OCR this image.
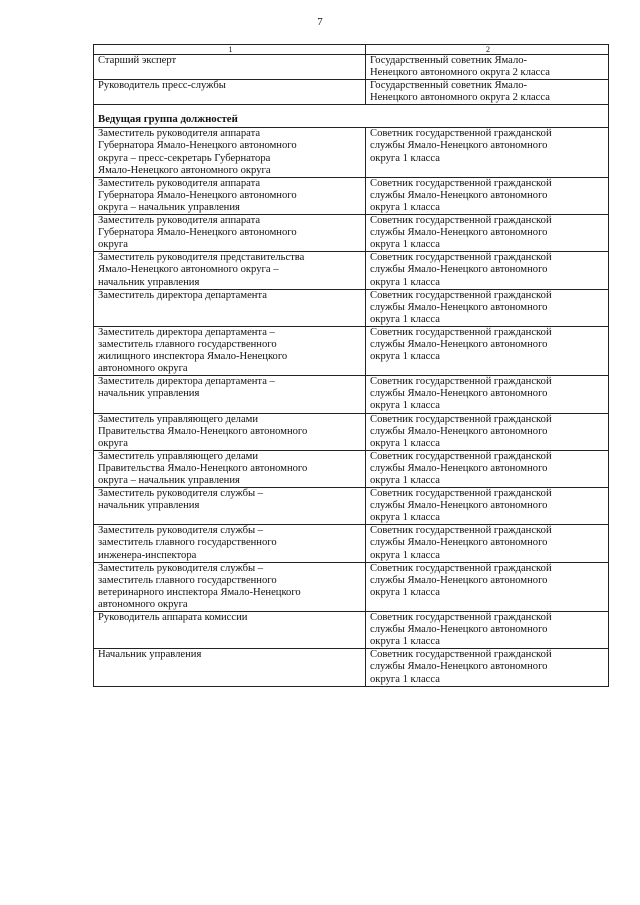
7
1	2

Старший эксперт	Государственный советник Ямало-
Ненецкого автономного округа 2 класса

Руководитель пресс-службы	Государственный советник Ямало-
Ненецкого автономного округа 2 класса

Ведущая группа должностей	

Заместитель руководителя аппарата
Губернатора Ямало-Ненецкого автономного
округа – пресс-секретарь Губернатора
Ямало-Ненецкого автономного округа	Советник государственной гражданской
службы Ямало-Ненецкого автономного
округа 1 класса

Заместитель руководителя аппарата
Губернатора Ямало-Ненецкого автономного
округа – начальник управления	Советник государственной гражданской
службы Ямало-Ненецкого автономного
округа 1 класса

Заместитель руководителя аппарата
Губернатора Ямало-Ненецкого автономного
округа	Советник государственной гражданской
службы Ямало-Ненецкого автономного
округа 1 класса

Заместитель руководителя представительства
Ямало-Ненецкого автономного округа –
начальник управления	Советник государственной гражданской
службы Ямало-Ненецкого автономного
округа 1 класса

Заместитель директора департамента	Советник государственной гражданской
службы Ямало-Ненецкого автономного
округа 1 класса

Заместитель директора департамента –
заместитель главного государственного
жилищного инспектора Ямало-Ненецкого
автономного округа	Советник государственной гражданской
службы Ямало-Ненецкого автономного
округа 1 класса

Заместитель директора департамента –
начальник управления	Советник государственной гражданской
службы Ямало-Ненецкого автономного
округа 1 класса

Заместитель управляющего делами
Правительства Ямало-Ненецкого автономного
округа	Советник государственной гражданской
службы Ямало-Ненецкого автономного
округа 1 класса

Заместитель управляющего делами
Правительства Ямало-Ненецкого автономного
округа – начальник управления	Советник государственной гражданской
службы Ямало-Ненецкого автономного
округа 1 класса

Заместитель руководителя службы –
начальник управления	Советник государственной гражданской
службы Ямало-Ненецкого автономного
округа 1 класса

Заместитель руководителя службы –
заместитель главного государственного
инженера-инспектора	Советник государственной гражданской
службы Ямало-Ненецкого автономного
округа 1 класса

Заместитель руководителя службы –
заместитель главного государственного
ветеринарного инспектора Ямало-Ненецкого
автономного округа	Советник государственной гражданской
службы Ямало-Ненецкого автономного
округа 1 класса

Руководитель аппарата комиссии	Советник государственной гражданской
службы Ямало-Ненецкого автономного
округа 1 класса

Начальник управления	Советник государственной гражданской
службы Ямало-Ненецкого автономного
округа 1 класса
